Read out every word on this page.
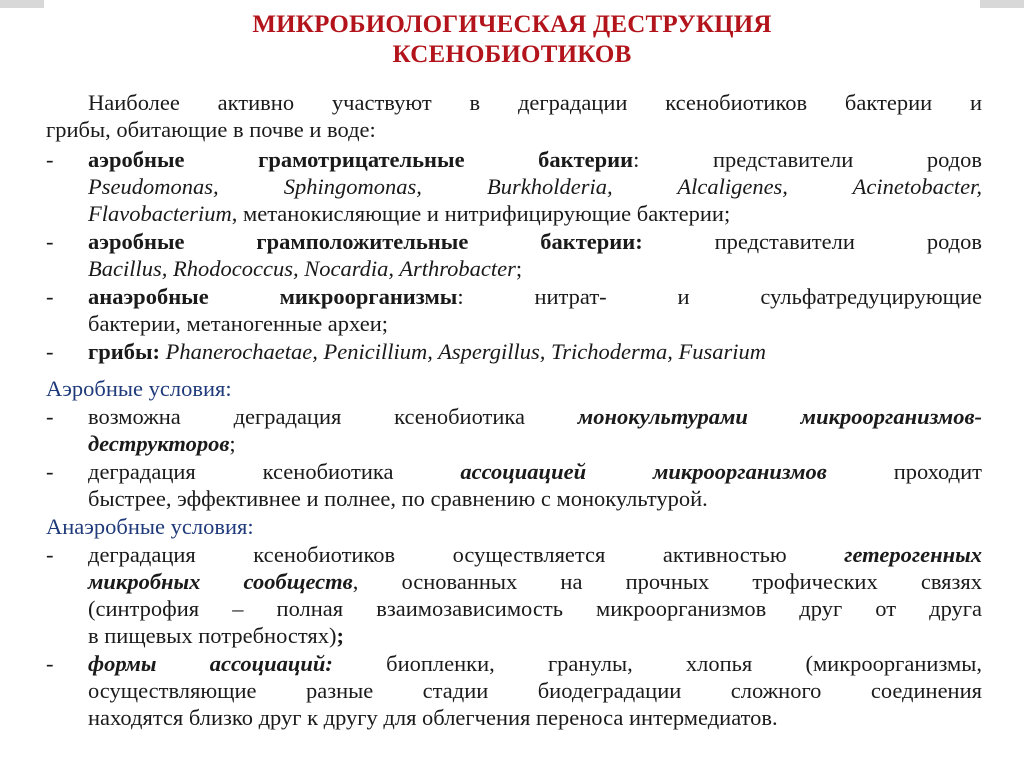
МИКРОБИОЛОГИЧЕСКАЯ ДЕСТРУКЦИЯ
КСЕНОБИОТИКОВ
Наиболее активно участвуют в деградации ксенобиотиков бактерии и
грибы, обитающие в почве и воде:

-

аэробные грамотрицательные бактерии: представители родов

Pseudomonas, Sphingomonas, Burkholderia, Alcaligenes, Acinetobacter,
Flavobacterium, метанокисляющие и нитрифицирующие бактерии;

-

аэробные грамположительные бактерии: представители родов

Bacillus, Rhodococcus, Nocardia, Arthrobacter;

-

анаэробные микроорганизмы: нитрат- и сульфатредуцирующие

бактерии, метаногенные археи;

-

грибы: Phanerochaetae, Penicillium, Aspergillus, Trichoderma, Fusarium

Аэробные условия:

-

возможна деградация ксенобиотика монокультурами микроорганизмов-

деструкторов;

-

деградация ксенобиотика ассоциацией микроорганизмов проходит

быстрее, эффективнее и полнее, по сравнению с монокультурой.
Анаэробные условия:

-

деградация ксенобиотиков осуществляется активностью гетерогенных

микробных сообществ, основанных на прочных трофических связях
(синтрофия – полная взаимозависимость микроорганизмов друг от друга
в пищевых потребностях);

-

формы ассоциаций: биопленки, гранулы, хлопья (микроорганизмы,

осуществляющие разные стадии биодеградации сложного соединения
находятся близко друг к другу для облегчения переноса интермедиатов.
